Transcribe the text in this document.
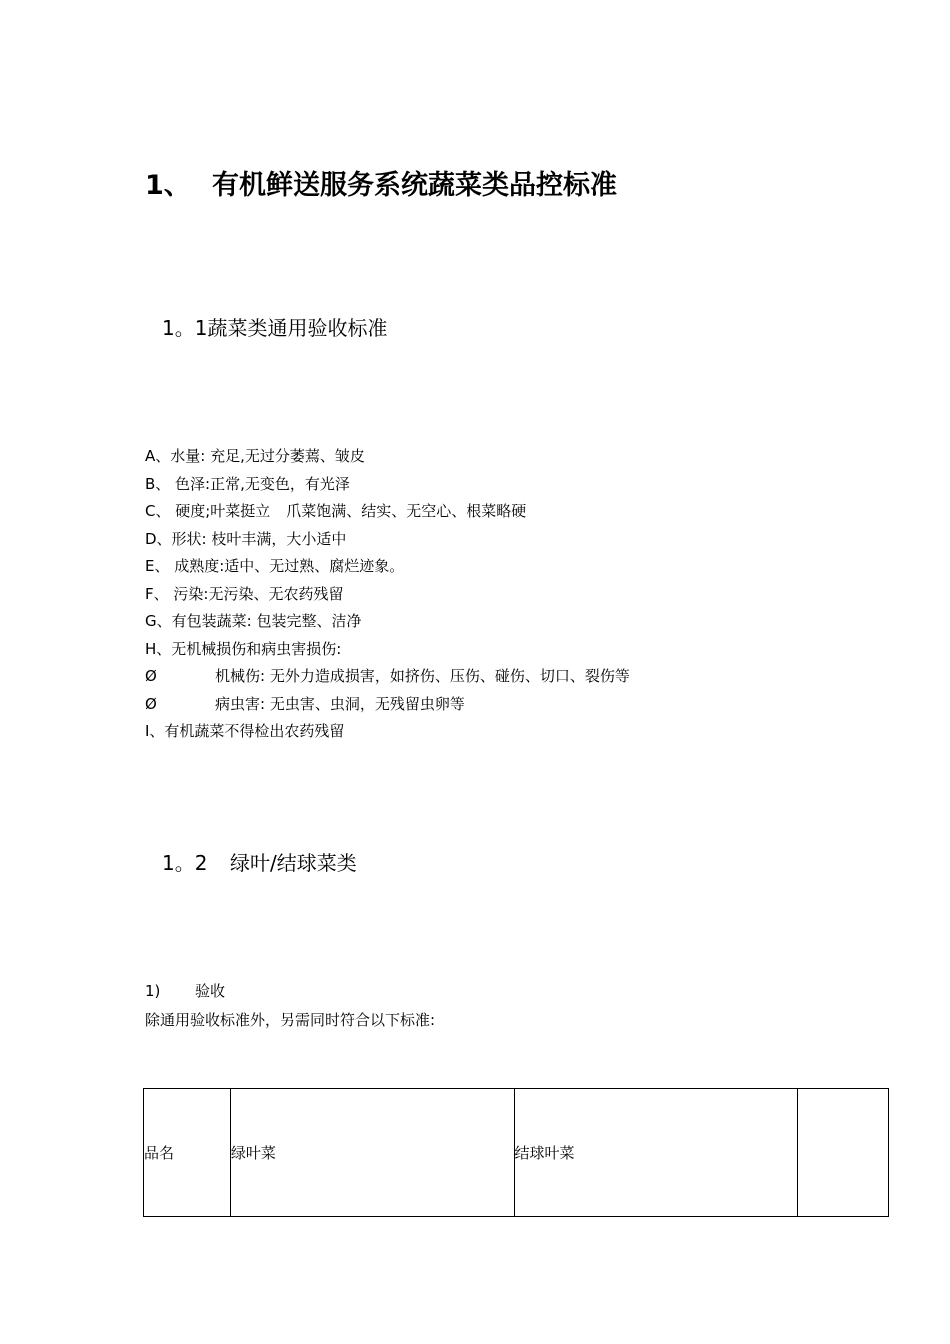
1、 有机鲜送服务系统蔬菜类品控标准
1。1蔬菜类通用验收标准
A、水量: 充足,无过分萎蔫、皱皮
B、 色泽:正常,无变色，有光泽
C、 硬度;叶菜挺立 爪菜饱满、结实、无空心、根菜略硬
D、形状: 枝叶丰满，大小适中
E、 成熟度:适中、无过熟、腐烂迹象。
F、 污染:无污染、无农药残留
G、有包装蔬菜: 包装完整、洁净
H、无机械损伤和病虫害损伤:
Ø	机械伤: 无外力造成损害，如挤伤、压伤、碰伤、切口、裂伤等
Ø	病虫害: 无虫害、虫洞，无残留虫卵等
I、有机蔬菜不得检出农药残留
1。2 绿叶/结球菜类
1) 验收
除通用验收标准外，另需同时符合以下标准:
品名	绿叶菜	结球叶菜	
